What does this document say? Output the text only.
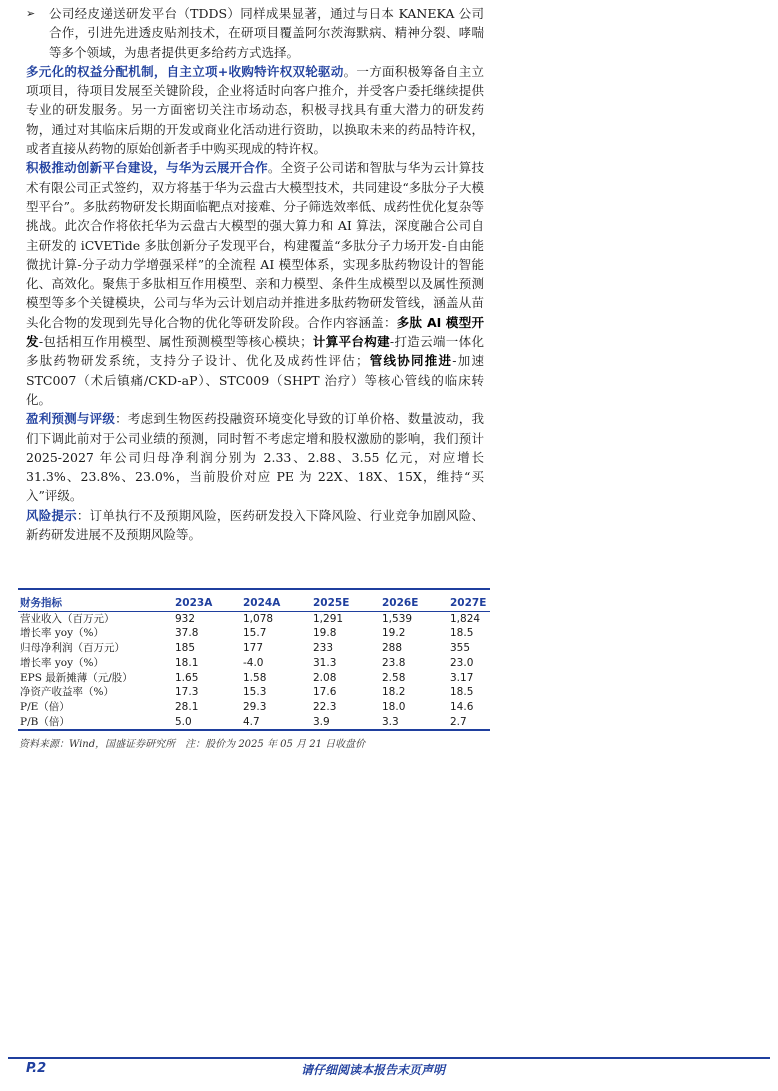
➢	公司经皮递送研发平台（TDDS）同样成果显著，通过与日本 KANEKA 公司合作，引进先进透皮贴剂技术，在研项目覆盖阿尔茨海默病、精神分裂、哮喘等多个领域，为患者提供更多给药方式选择。

多元化的权益分配机制，自主立项+收购特许权双轮驱动。一方面积极筹备自主立项项目，待项目发展至关键阶段，企业将适时向客户推介，并受客户委托继续提供专业的研发服务。另一方面密切关注市场动态，积极寻找具有重大潜力的研发药物，通过对其临床后期的开发或商业化活动进行资助，以换取未来的药品特许权，或者直接从药物的原始创新者手中购买现成的特许权。

积极推动创新平台建设，与华为云展开合作。全资子公司诺和智肽与华为云计算技术有限公司正式签约，双方将基于华为云盘古大模型技术，共同建设“多肽分子大模型平台”。多肽药物研发长期面临靶点对接难、分子筛选效率低、成药性优化复杂等挑战。此次合作将依托华为云盘古大模型的强大算力和 AI 算法，深度融合公司自主研发的 iCVETide 多肽创新分子发现平台，构建覆盖“多肽分子力场开发-自由能微扰计算-分子动力学增强采样”的全流程 AI 模型体系，实现多肽药物设计的智能化、高效化。聚焦于多肽相互作用模型、亲和力模型、条件生成模型以及属性预测模型等多个关键模块，公司与华为云计划启动并推进多肽药物研发管线，涵盖从苗头化合物的发现到先导化合物的优化等研发阶段。合作内容涵盖：多肽 AI 模型开发-包括相互作用模型、属性预测模型等核心模块；计算平台构建-打造云端一体化多肽药物研发系统，支持分子设计、优化及成药性评估；管线协同推进-加速 STC007（术后镇痛/CKD-aP）、STC009（SHPT 治疗）等核心管线的临床转化。

盈利预测与评级：考虑到生物医药投融资环境变化导致的订单价格、数量波动，我们下调此前对于公司业绩的预测，同时暂不考虑定增和股权激励的影响，我们预计 2025-2027 年公司归母净利润分别为 2.33、2.88、3.55 亿元，对应增长 31.3%、23.8%、23.0%，当前股价对应 PE 为 22X、18X、15X，维持“买入”评级。

风险提示：订单执行不及预期风险，医药研发投入下降风险、行业竞争加剧风险、新药研发进展不及预期风险等。

财务指标	2023A	2024A	2025E	2026E	2027E
营业收入（百万元）	932	1,078	1,291	1,539	1,824
增长率 yoy（%）	37.8	15.7	19.8	19.2	18.5
归母净利润（百万元）	185	177	233	288	355
增长率 yoy（%）	18.1	-4.0	31.3	23.8	23.0
EPS 最新摊薄（元/股）	1.65	1.58	2.08	2.58	3.17
净资产收益率（%）	17.3	15.3	17.6	18.2	18.5
P/E（倍）	28.1	29.3	22.3	18.0	14.6
P/B（倍）	5.0	4.7	3.9	3.3	2.7
资料来源：Wind，国盛证券研究所　注：股价为 2025 年 05 月 21 日收盘价
P.2	请仔细阅读本报告末页声明
